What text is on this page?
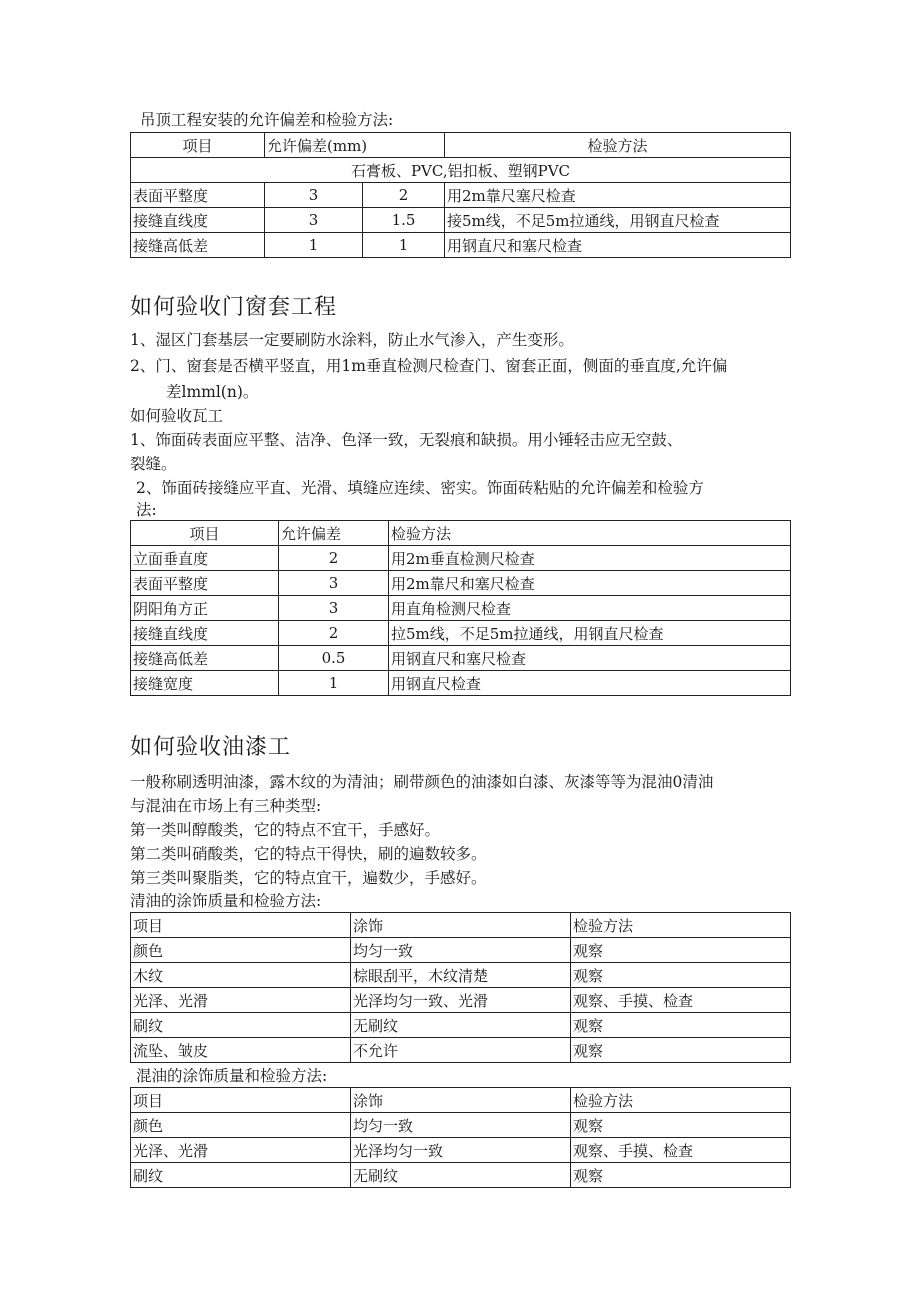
吊顶工程安装的允许偏差和检验方法:
项目	允许偏差(mm)		检验方法
石膏板、PVC,铝扣板、塑钢PVC			
表面平整度	3	2	用2m靠尺塞尺检查
接缝直线度	3	1.5	接5m线，不足5m拉通线，用钢直尺检查
接缝高低差	1	1	用钢直尺和塞尺检查
如何验收门窗套工程
1、湿区门套基层一定要刷防水涂料，防止水气渗入，产生变形。
2、门、窗套是否横平竖直，用1m垂直检测尺检查门、窗套正面，侧面的垂直度,允许偏
差lmml(n)。
如何验收瓦工
1、饰面砖表面应平整、洁净、色泽一致，无裂痕和缺损。用小锤轻击应无空鼓、
裂缝。
2、饰面砖接缝应平直、光滑、填缝应连续、密实。饰面砖粘贴的允许偏差和检验方
法:
项目	允许偏差	检验方法
立面垂直度	2	用2m垂直检测尺检查
表面平整度	3	用2m靠尺和塞尺检查
阴阳角方正	3	用直角检测尺检查
接缝直线度	2	拉5m线，不足5m拉通线，用钢直尺检查
接缝高低差	0.5	用钢直尺和塞尺检查
接缝宽度	1	用钢直尺检查
如何验收油漆工
一般称刷透明油漆，露木纹的为清油；刷带颜色的油漆如白漆、灰漆等等为混油0清油
与混油在市场上有三种类型:
第一类叫醇酸类，它的特点不宜干，手感好。
第二类叫硝酸类，它的特点干得快，刷的遍数较多。
第三类叫聚脂类，它的特点宜干，遍数少，手感好。
清油的涂饰质量和检验方法:
项目	涂饰	检验方法
颜色	均匀一致	观察
木纹	棕眼刮平，木纹清楚	观察
光泽、光滑	光泽均匀一致、光滑	观察、手摸、检查
刷纹	无刷纹	观察
流坠、皱皮	不允许	观察
混油的涂饰质量和检验方法:
项目	涂饰	检验方法
颜色	均匀一致	观察
光泽、光滑	光泽均匀一致	观察、手摸、检查
刷纹	无刷纹	观察
